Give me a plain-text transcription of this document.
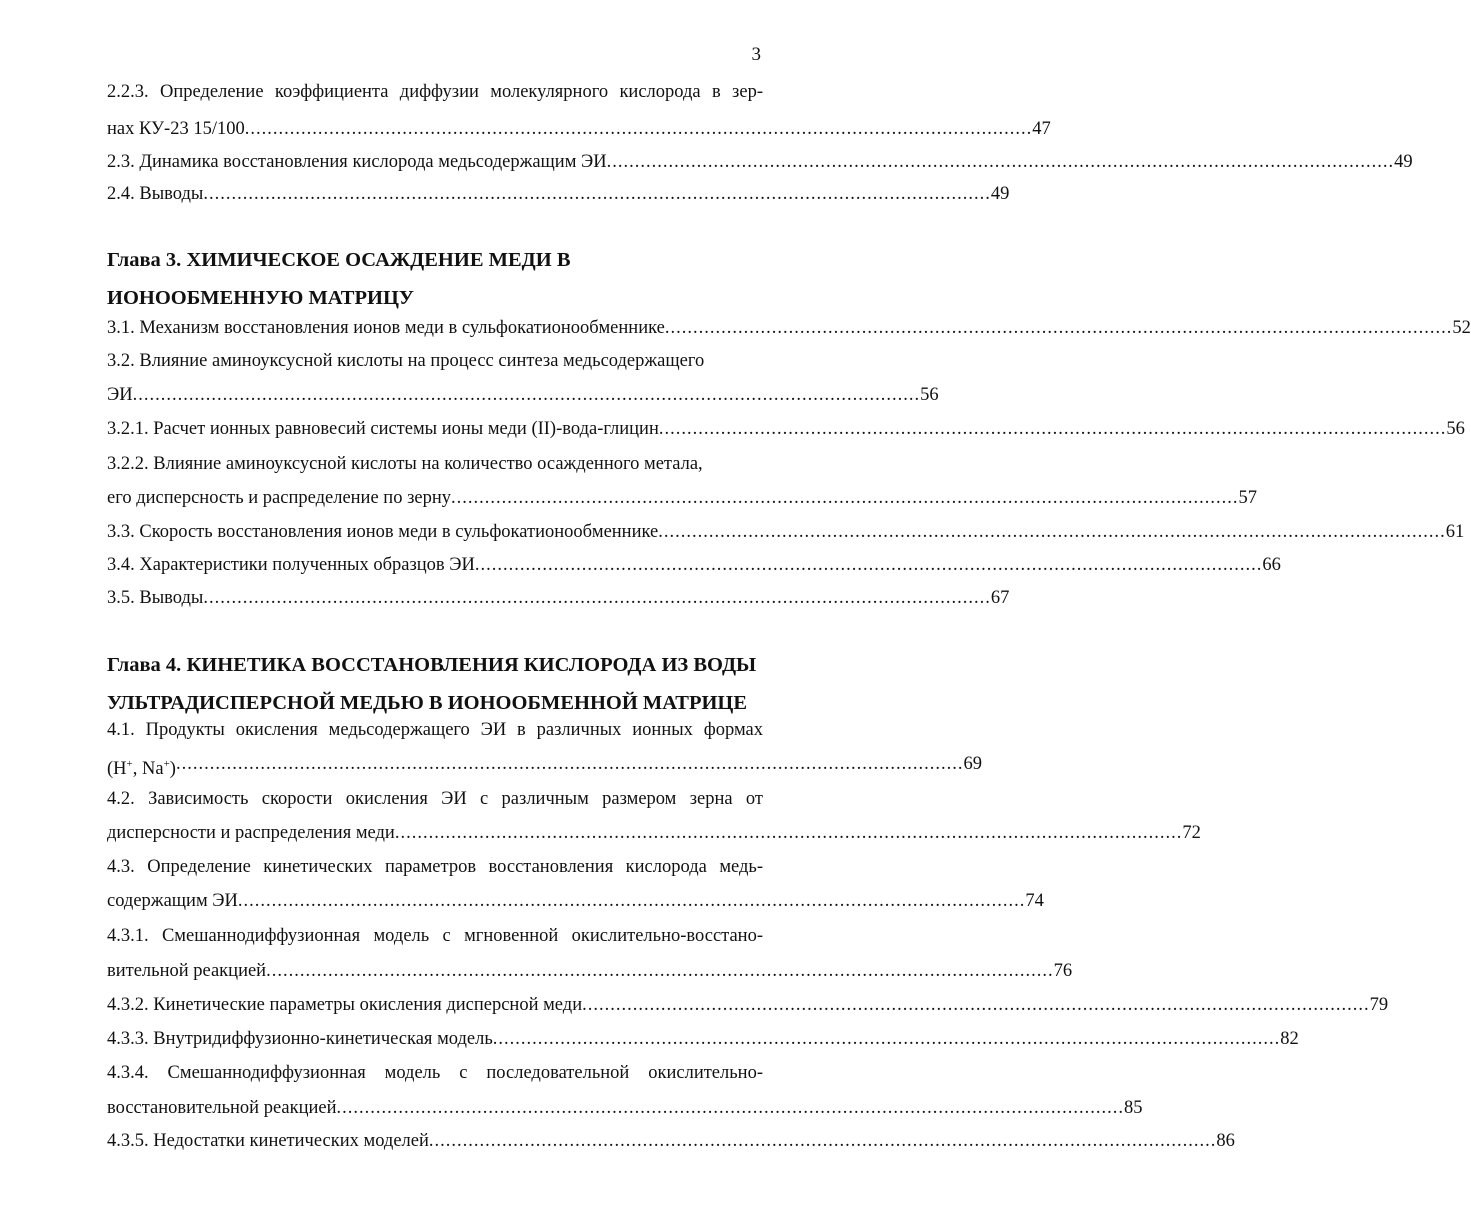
3
2.2.3. Определение коэффициента диффузии молекулярного кислорода в зер-
нах КУ-23 15/100 ............................................................................................................................................ 47
2.3. Динамика восстановления кислорода медьсодержащим ЭИ ............................................................................................................................................ 49
2.4. Выводы ............................................................................................................................................ 49
Глава 3. ХИМИЧЕСКОЕ ОСАЖДЕНИЕ МЕДИ В ИОНООБМЕННУЮ МАТРИЦУ
3.1. Механизм восстановления ионов меди в сульфокатионообменнике ............................................................................................................................................ 52
3.2. Влияние аминоуксусной кислоты на процесс синтеза медьсодержащего
ЭИ ............................................................................................................................................ 56
3.2.1. Расчет ионных равновесий системы ионы меди (II)-вода-глицин ............................................................................................................................................ 56
3.2.2. Влияние аминоуксусной кислоты на количество осажденного метала,
его дисперсность и распределение по зерну ............................................................................................................................................ 57
3.3. Скорость восстановления ионов меди в сульфокатионообменнике ............................................................................................................................................ 61
3.4. Характеристики полученных образцов ЭИ ............................................................................................................................................ 66
3.5. Выводы ............................................................................................................................................ 67
Глава 4. КИНЕТИКА ВОССТАНОВЛЕНИЯ КИСЛОРОДА ИЗ ВОДЫ
УЛЬТРАДИСПЕРСНОЙ МЕДЬЮ В ИОНООБМЕННОЙ МАТРИЦЕ
4.1. Продукты окисления медьсодержащего ЭИ в различных ионных формах
(H+, Na+) ............................................................................................................................................ 69
4.2. Зависимость скорости окисления ЭИ с различным размером зерна от
дисперсности и распределения меди ............................................................................................................................................ 72
4.3. Определение кинетических параметров восстановления кислорода медь-
содержащим ЭИ ............................................................................................................................................ 74
4.3.1. Смешаннодиффузионная модель с мгновенной окислительно-восстано-
вительной реакцией ............................................................................................................................................ 76
4.3.2. Кинетические параметры окисления дисперсной меди ............................................................................................................................................ 79
4.3.3. Внутридиффузионно-кинетическая модель ............................................................................................................................................ 82
4.3.4. Смешаннодиффузионная модель с последовательной окислительно-
восстановительной реакцией ............................................................................................................................................ 85
4.3.5. Недостатки кинетических моделей ............................................................................................................................................ 86
